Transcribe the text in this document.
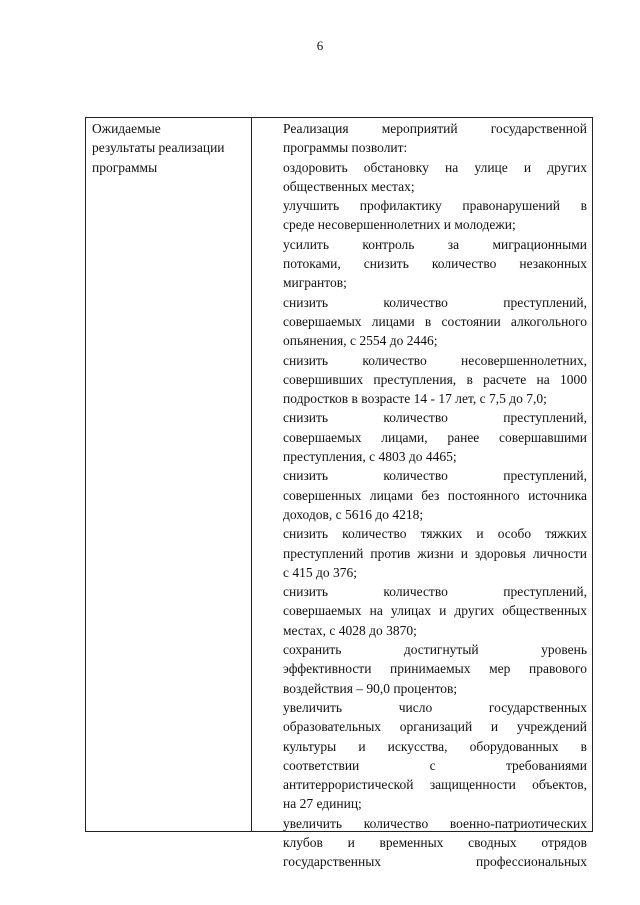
6
Ожидаемые
результаты реализации
программы
Реализация мероприятий государственной
программы позволит:
оздоровить обстановку на улице и других
общественных местах;
улучшить профилактику правонарушений в
среде несовершеннолетних и молодежи;
усилить контроль за миграционными
потоками, снизить количество незаконных
мигрантов;
снизить количество преступлений,
совершаемых лицами в состоянии алкогольного
опьянения, с 2554 до 2446;
снизить количество несовершеннолетних,
совершивших преступления, в расчете на 1000
подростков в возрасте 14 - 17 лет, с 7,5 до 7,0;
снизить количество преступлений,
совершаемых лицами, ранее совершавшими
преступления, с 4803 до 4465;
снизить количество преступлений,
совершенных лицами без постоянного источника
доходов, с 5616 до 4218;
снизить количество тяжких и особо тяжких
преступлений против жизни и здоровья личности
с 415 до 376;
снизить количество преступлений,
совершаемых на улицах и других общественных
местах, с 4028 до 3870;
сохранить достигнутый уровень
эффективности принимаемых мер правового
воздействия – 90,0 процентов;
увеличить число государственных
образовательных организаций и учреждений
культуры и искусства, оборудованных в
соответствии с требованиями
антитеррористической защищенности объектов,
на 27 единиц;
увеличить количество военно-патриотических
клубов и временных сводных отрядов
государственных профессиональных
